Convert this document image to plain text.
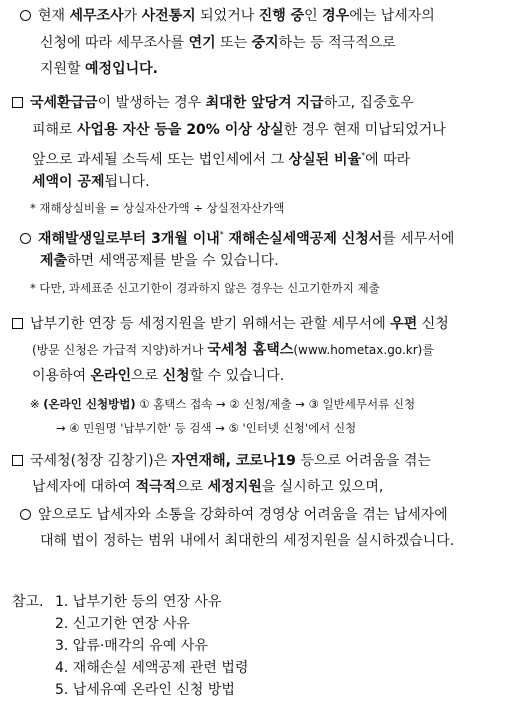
현재 세무조사가 사전통지 되었거나 진행 중인 경우에는 납세자의
신청에 따라 세무조사를 연기 또는 중지하는 등 적극적으로
지원할 예정입니다.
국세환급금이 발생하는 경우 최대한 앞당겨 지급하고, 집중호우
피해로 사업용 자산 등을 20% 이상 상실한 경우 현재 미납되었거나
앞으로 과세될 소득세 또는 법인세에서 그 상실된 비율*에 따라
세액이 공제됩니다.
* 재해상실비율 = 상실자산가액 ÷ 상실전자산가액
재해발생일로부터 3개월 이내* 재해손실세액공제 신청서를 세무서에
제출하면 세액공제를 받을 수 있습니다.
* 다만, 과세표준 신고기한이 경과하지 않은 경우는 신고기한까지 제출
납부기한 연장 등 세정지원을 받기 위해서는 관할 세무서에 우편 신청
(방문 신청은 가급적 지양)하거나 국세청 홈택스(www.hometax.go.kr)를
이용하여 온라인으로 신청할 수 있습니다.
※ (온라인 신청방법) ① 홈택스 접속 → ② 신청/제출 → ③ 일반세무서류 신청
→ ④ 민원명 '납부기한' 등 검색 → ⑤ '인터넷 신청'에서 신청
국세청(청장 김창기)은 자연재해, 코로나19 등으로 어려움을 겪는
납세자에 대하여 적극적으로 세정지원을 실시하고 있으며,
앞으로도 납세자와 소통을 강화하여 경영상 어려움을 겪는 납세자에
대해 법이 정하는 범위 내에서 최대한의 세정지원을 실시하겠습니다.
참고. 1. 납부기한 등의 연장 사유
2. 신고기한 연장 사유
3. 압류·매각의 유예 사유
4. 재해손실 세액공제 관련 법령
5. 납세유예 온라인 신청 방법
